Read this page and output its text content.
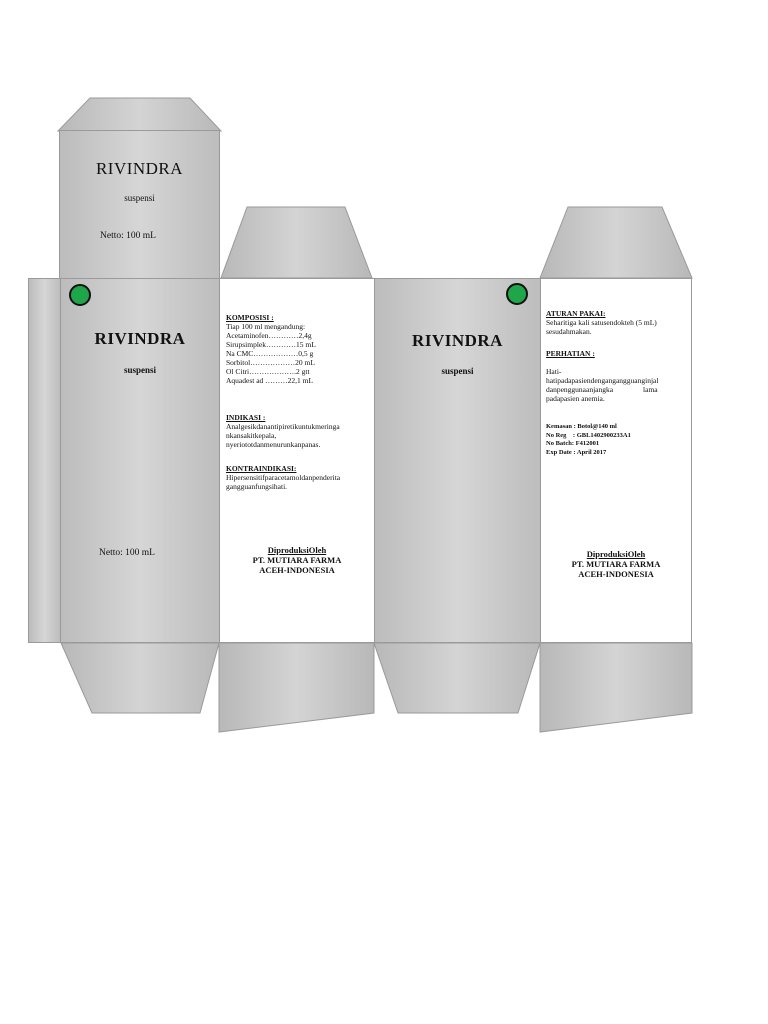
RIVINDRA
suspensi
Netto: 100 mL
RIVINDRA
suspensi
Netto: 100 mL
KOMPOSISI :
Tiap 100 ml mengandung:
Acetaminofen…………2,4g
Sirupsimplek…………15 mL
Na CMC………………0,5 g
Sorbitol………………20 mL
Ol Citri……………….2 gtt
Aquadest ad ………22,1 mL
INDIKASI :
Analgesikdanantipiretikuntukmeringa
nkansakitkepala,
nyeriototdanmenurunkanpanas.
KONTRAINDIKASI:
Hipersensitifparacetamoldanpenderita
gangguanfungsihati.
DiproduksiOleh
PT. MUTIARA FARMA
ACEH-INDONESIA
RIVINDRA
suspensi
ATURAN PAKAI:
Seharitiga kali satusendokteh (5 mL)
sesudahmakan.
PERHATIAN :
Hati-
hatipadapasiendengangangguanginjal
danpenggunaanjangka                lama
padapasien anemia.
Kemasan : Botol@140 ml
No Reg    : GBL1402900233A1
No Batch: F412001
Exp Date : April 2017
DiproduksiOleh
PT. MUTIARA FARMA
ACEH-INDONESIA
